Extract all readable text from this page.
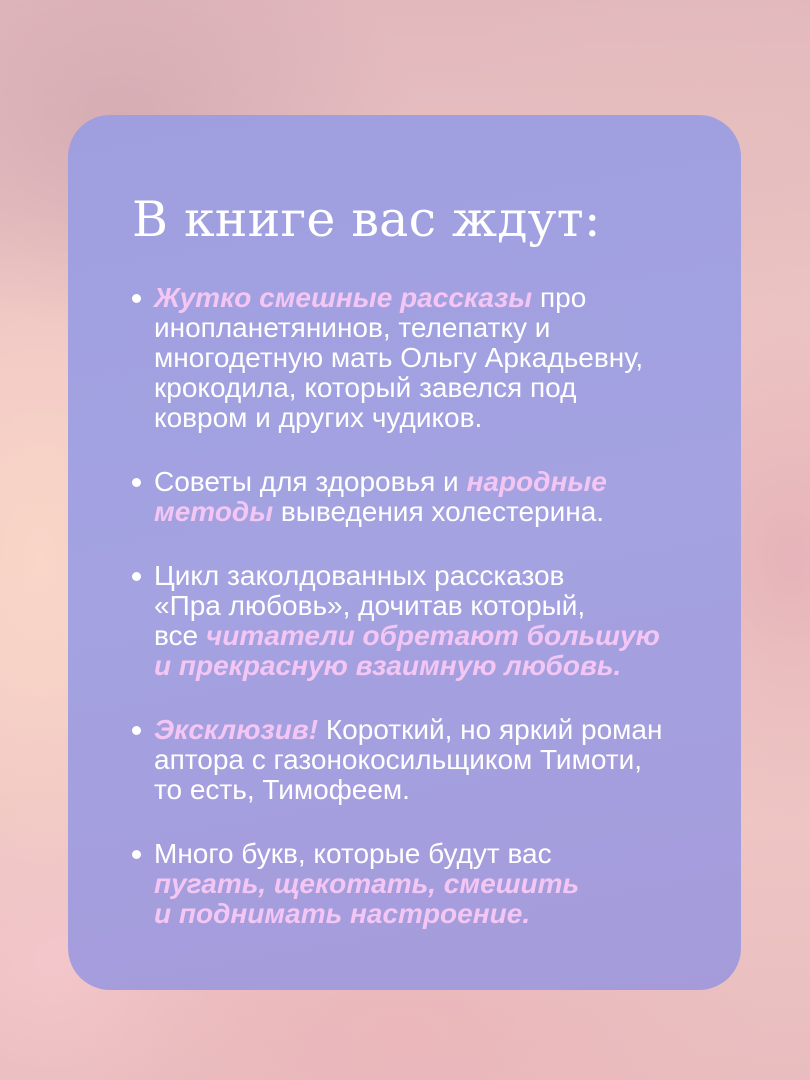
В книге вас ждут:
Жутко смешные рассказы про
инопланетянинов, телепатку и
многодетную мать Ольгу Аркадьевну,
крокодила, который завелся под
ковром и других чудиков.
Советы для здоровья и народные
методы выведения холестерина.
Цикл заколдованных рассказов
«Пра любовь», дочитав который,
все читатели обретают большую
и прекрасную взаимную любовь.
Эксклюзив! Короткий, но яркий роман
аптора с газонокосильщиком Тимоти,
то есть, Тимофеем.
Много букв, которые будут вас
пугать, щекотать, смешить
и поднимать настроение.
